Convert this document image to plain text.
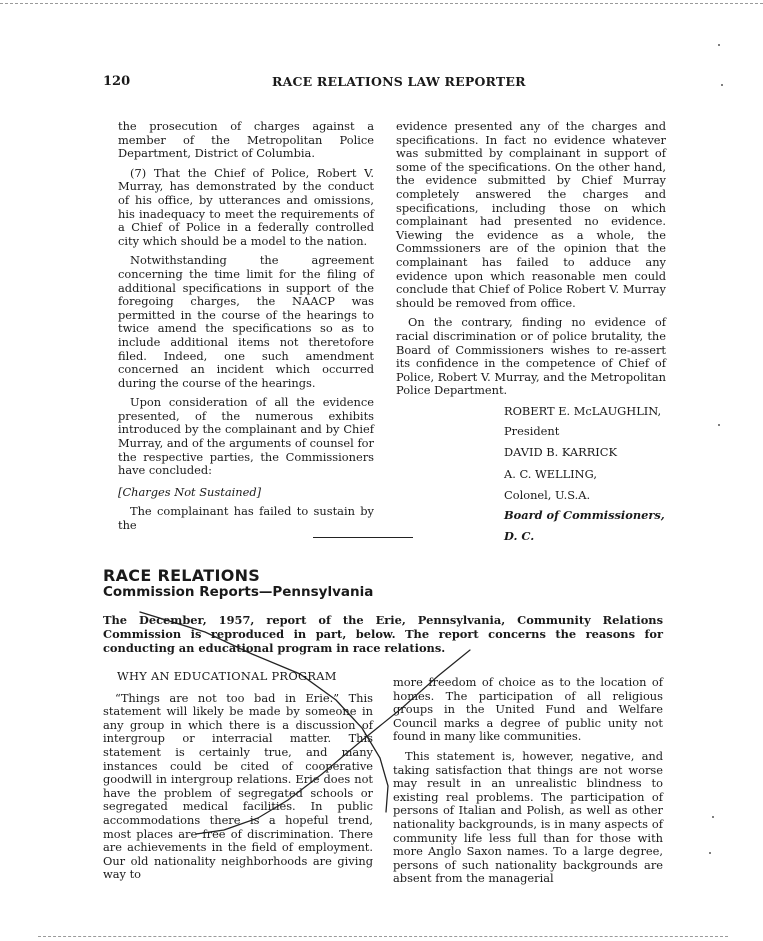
120	RACE RELATIONS LAW REPORTER

the prosecution of charges against a member of the Metropolitan Police Department, District of Columbia.

(7) That the Chief of Police, Robert V. Murray, has demonstrated by the conduct of his office, by utterances and omissions, his inadequacy to meet the requirements of a Chief of Police in a federally controlled city which should be a model to the nation.

Notwithstanding the agreement concerning the time limit for the filing of additional specifications in support of the foregoing charges, the NAACP was permitted in the course of the hearings to twice amend the specifications so as to include additional items not theretofore filed. Indeed, one such amendment concerned an incident which occurred during the course of the hearings.

Upon consideration of all the evidence presented, of the numerous exhibits introduced by the complainant and by Chief Murray, and of the arguments of counsel for the respective parties, the Commissioners have concluded:

[Charges Not Sustained]

The complainant has failed to sustain by the

evidence presented any of the charges and specifications. In fact no evidence whatever was submitted by complainant in support of some of the specifications. On the other hand, the evidence submitted by Chief Murray completely answered the charges and specifications, including those on which complainant had presented no evidence. Viewing the evidence as a whole, the Commssioners are of the opinion that the complainant has failed to adduce any evidence upon which reasonable men could conclude that Chief of Police Robert V. Murray should be removed from office.

On the contrary, finding no evidence of racial discrimination or of police brutality, the Board of Commissioners wishes to re-assert its confidence in the competence of Chief of Police, Robert V. Murray, and the Metropolitan Police Department.

ROBERT E. McLAUGHLIN,

President

DAVID B. KARRICK

A. C. WELLING,

Colonel, U.S.A.

Board of Commissioners,

D. C.

RACE RELATIONS

Commission Reports—Pennsylvania

The December, 1957, report of the Erie, Pennsylvania, Community Relations Commission is reproduced in part, below. The report concerns the reasons for conducting an educational program in race relations.

WHY AN EDUCATIONAL PROGRAM

“Things are not too bad in Erie.” This statement will likely be made by someone in any group in which there is a discussion of intergroup or interracial matter. This statement is certainly true, and many instances could be cited of cooperative goodwill in intergroup relations. Erie does not have the problem of segregated schools or segregated medical facilities. In public accommodations there is a hopeful trend, most places are free of discrimination. There are achievements in the field of employment. Our old nationality neighborhoods are giving way to

more freedom of choice as to the location of homes. The participation of all religious groups in the United Fund and Welfare Council marks a degree of public unity not found in many like communities.

This statement is, however, negative, and taking satisfaction that things are not worse may result in an unrealistic blindness to existing real problems. The participation of persons of Italian and Polish, as well as other nationality backgrounds, is in many aspects of community life less full than for those with more Anglo Saxon names. To a large degree, persons of such nationality backgrounds are absent from the managerial
